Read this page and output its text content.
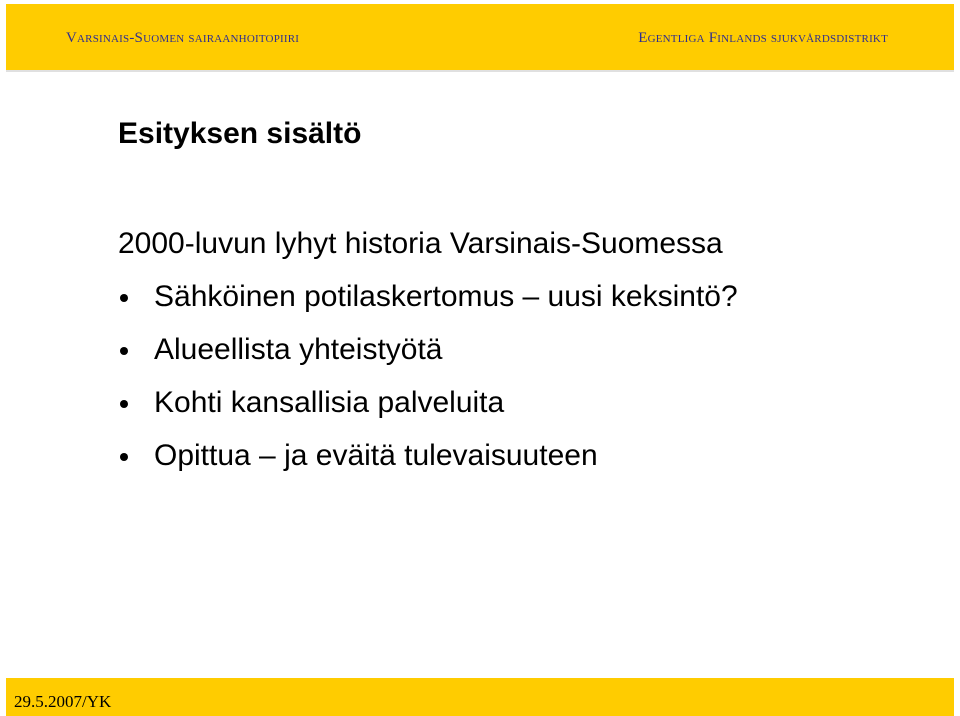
Varsinais-Suomen sairaanhoitopiiri	Egentliga Finlands sjukvårdsdistrikt
Esityksen sisältö
2000-luvun lyhyt historia Varsinais-Suomessa
Sähköinen potilaskertomus – uusi keksintö?
Alueellista yhteistyötä
Kohti kansallisia palveluita
Opittua – ja eväitä tulevaisuuteen
29.5.2007/YK
